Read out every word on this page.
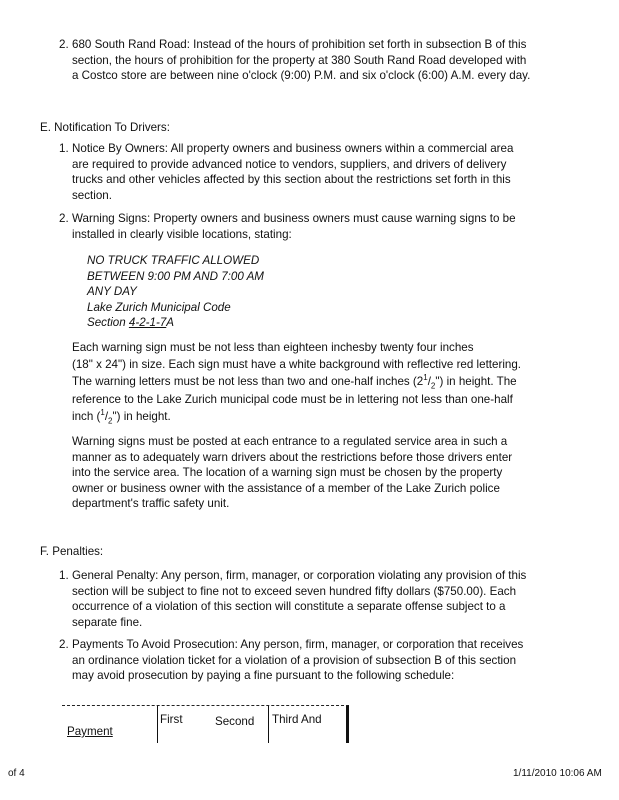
2. 680 South Rand Road: Instead of the hours of prohibition set forth in subsection B of this

section, the hours of prohibition for the property at 380 South Rand Road developed with

a Costco store are between nine o'clock (9:00) P.M. and six o'clock (6:00) A.M. every day.

E. Notification To Drivers:

1. Notice By Owners: All property owners and business owners within a commercial area

are required to provide advanced notice to vendors, suppliers, and drivers of delivery

trucks and other vehicles affected by this section about the restrictions set forth in this

section.

2. Warning Signs: Property owners and business owners must cause warning signs to be

installed in clearly visible locations, stating:

NO TRUCK TRAFFIC ALLOWED

BETWEEN 9:00 PM AND 7:00 AM

ANY DAY

Lake Zurich Municipal Code

Section 4-2-1-7A

Each warning sign must be not less than eighteen inchesby twenty four inches

(18" x 24") in size. Each sign must have a white background with reflective red lettering.

The warning letters must be not less than two and one-half inches $(2^1/_2")$ in height. The

reference to the Lake Zurich municipal code must be in lettering not less than one-half

inch $(^1/_2")$ in height.

Warning signs must be posted at each entrance to a regulated service area in such a

manner as to adequately warn drivers about the restrictions before those drivers enter

into the service area. The location of a warning sign must be chosen by the property

owner or business owner with the assistance of a member of the Lake Zurich police

department's traffic safety unit.

F. Penalties:

1. General Penalty: Any person, firm, manager, or corporation violating any provision of this

section will be subject to fine not to exceed seven hundred fifty dollars ($750.00). Each

occurrence of a violation of this section will constitute a separate offense subject to a

separate fine.

2. Payments To Avoid Prosecution: Any person, firm, manager, or corporation that receives

an ordinance violation ticket for a violation of a provision of subsection B of this section

may avoid prosecution by paying a fine pursuant to the following schedule:

Payment
First	Second Third And
of 4	1/11/2010 10:06 AM
